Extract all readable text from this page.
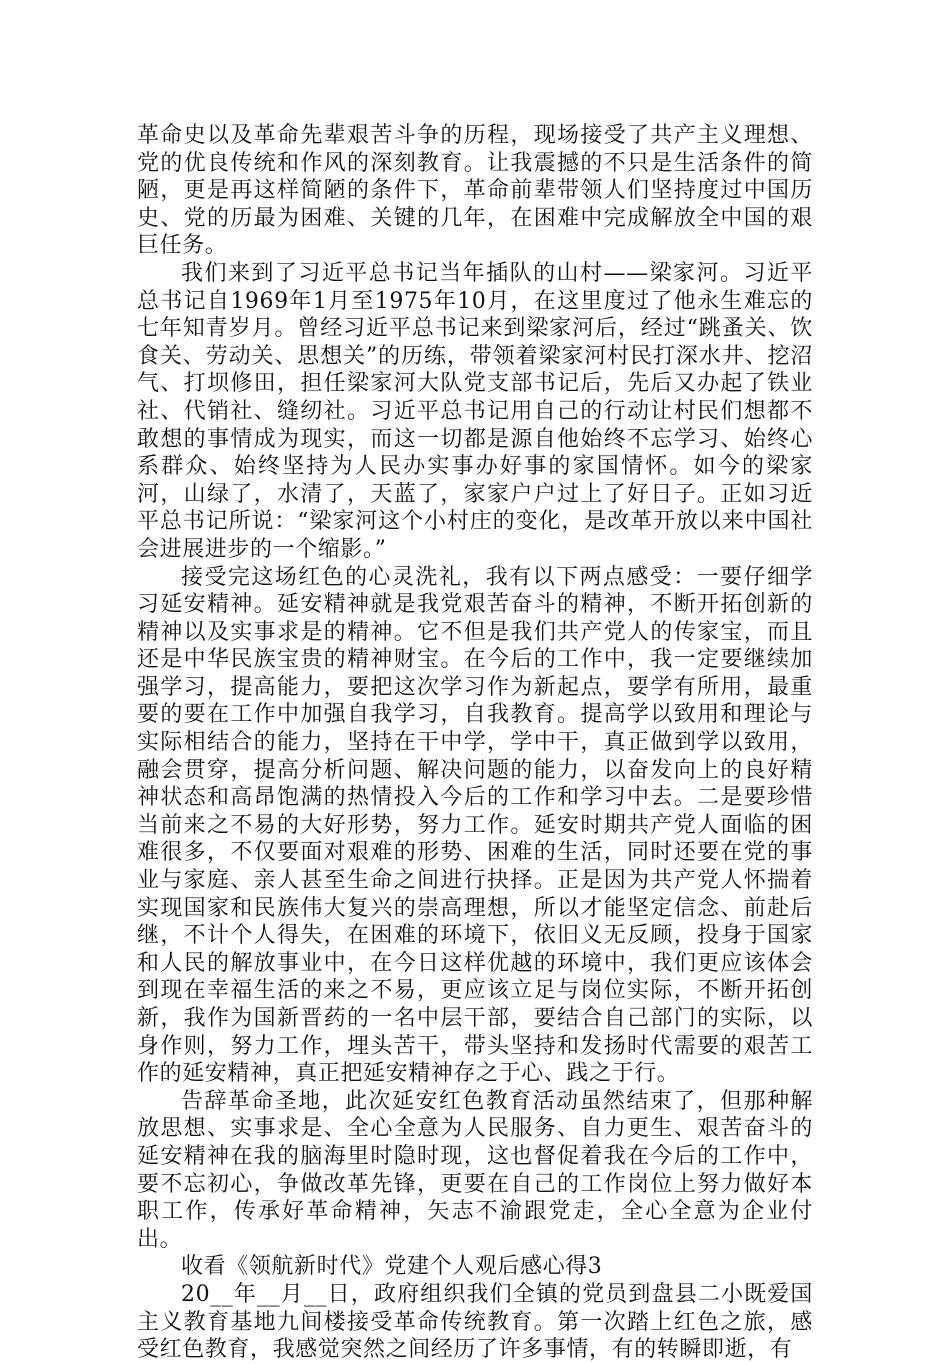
革命史以及革命先辈艰苦斗争的历程，现场接受了共产主义理想、党的优良传统和作风的深刻教育。让我震撼的不只是生活条件的简陋，更是再这样简陋的条件下，革命前辈带领人们坚持度过中国历史、党的历最为困难、关键的几年，在困难中完成解放全中国的艰巨任务。

我们来到了习近平总书记当年插队的山村——梁家河。习近平总书记自1969年1月至1975年10月，在这里度过了他永生难忘的七年知青岁月。曾经习近平总书记来到梁家河后，经过“跳蚤关、饮食关、劳动关、思想关”的历练，带领着梁家河村民打深水井、挖沼气、打坝修田，担任梁家河大队党支部书记后，先后又办起了铁业社、代销社、缝纫社。习近平总书记用自己的行动让村民们想都不敢想的事情成为现实，而这一切都是源自他始终不忘学习、始终心系群众、始终坚持为人民办实事办好事的家国情怀。如今的梁家河，山绿了，水清了，天蓝了，家家户户过上了好日子。正如习近平总书记所说：“梁家河这个小村庄的变化，是改革开放以来中国社会进展进步的一个缩影。”

接受完这场红色的心灵洗礼，我有以下两点感受：一要仔细学习延安精神。延安精神就是我党艰苦奋斗的精神，不断开拓创新的精神以及实事求是的精神。它不但是我们共产党人的传家宝，而且还是中华民族宝贵的精神财宝。在今后的工作中，我一定要继续加强学习，提高能力，要把这次学习作为新起点，要学有所用，最重要的要在工作中加强自我学习，自我教育。提高学以致用和理论与实际相结合的能力，坚持在干中学，学中干，真正做到学以致用，融会贯穿，提高分析问题、解决问题的能力，以奋发向上的良好精神状态和高昂饱满的热情投入今后的工作和学习中去。二是要珍惜当前来之不易的大好形势，努力工作。延安时期共产党人面临的困难很多，不仅要面对艰难的形势、困难的生活，同时还要在党的事业与家庭、亲人甚至生命之间进行抉择。正是因为共产党人怀揣着实现国家和民族伟大复兴的崇高理想，所以才能坚定信念、前赴后继，不计个人得失，在困难的环境下，依旧义无反顾，投身于国家和人民的解放事业中，在今日这样优越的环境中，我们更应该体会到现在幸福生活的来之不易，更应该立足与岗位实际，不断开拓创新，我作为国新晋药的一名中层干部，要结合自己部门的实际，以身作则，努力工作，埋头苦干，带头坚持和发扬时代需要的艰苦工作的延安精神，真正把延安精神存之于心、践之于行。

告辞革命圣地，此次延安红色教育活动虽然结束了，但那种解放思想、实事求是、全心全意为人民服务、自力更生、艰苦奋斗的延安精神在我的脑海里时隐时现，这也督促着我在今后的工作中，要不忘初心，争做改革先锋，更要在自己的工作岗位上努力做好本职工作，传承好革命精神，矢志不渝跟党走，全心全意为企业付出。

收看《领航新时代》党建个人观后感心得3

20__年__月__日，政府组织我们全镇的党员到盘县二小既爱国主义教育基地九间楼接受革命传统教育。第一次踏上红色之旅，感受红色教育，我感觉突然之间经历了许多事情，有的转瞬即逝，有
